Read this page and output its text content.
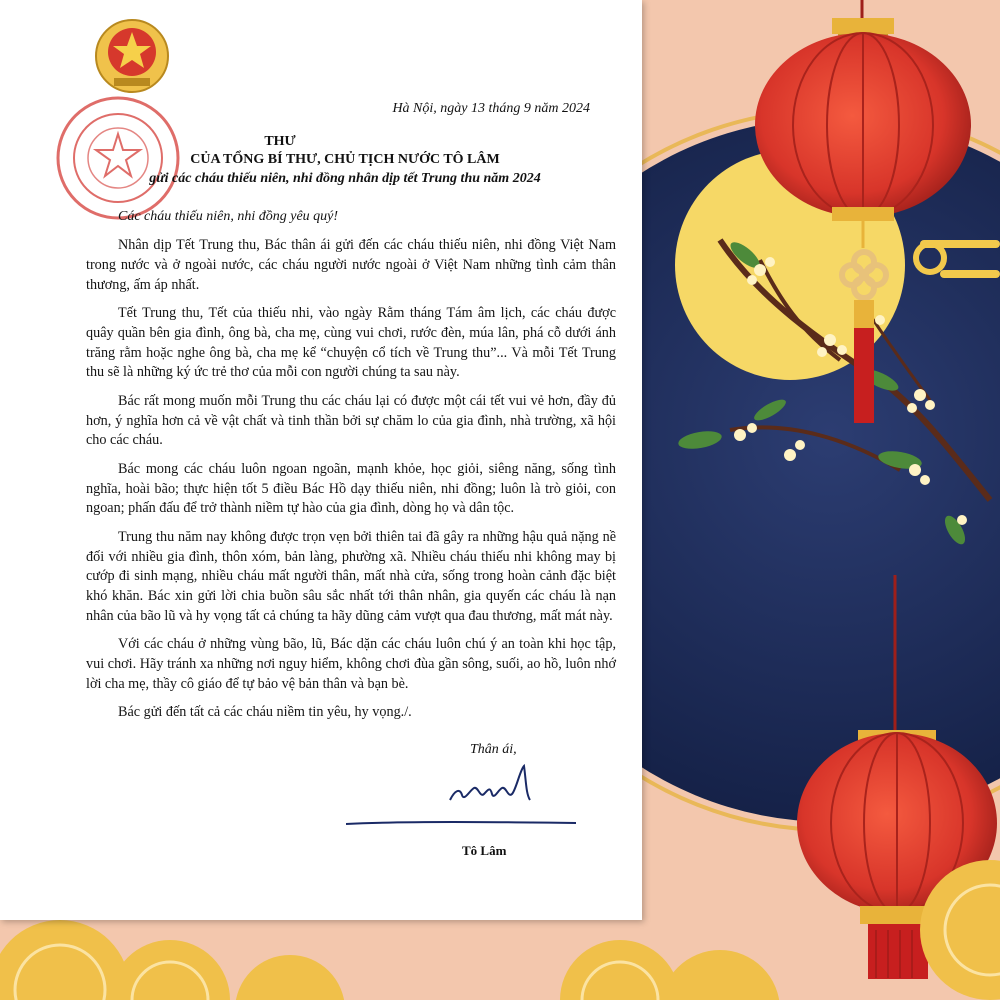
Hà Nội, ngày 13 tháng 9 năm 2024
THƯ
CỦA TỔNG BÍ THƯ, CHỦ TỊCH NƯỚC TÔ LÂM
gửi các cháu thiếu niên, nhi đồng nhân dịp tết Trung thu năm 2024
Các cháu thiếu niên, nhi đồng yêu quý!

Nhân dịp Tết Trung thu, Bác thân ái gửi đến các cháu thiếu niên, nhi đồng Việt Nam trong nước và ở ngoài nước, các cháu người nước ngoài ở Việt Nam những tình cảm thân thương, ấm áp nhất.

Tết Trung thu, Tết của thiếu nhi, vào ngày Rằm tháng Tám âm lịch, các cháu được quây quần bên gia đình, ông bà, cha mẹ, cùng vui chơi, rước đèn, múa lân, phá cỗ dưới ánh trăng rằm hoặc nghe ông bà, cha mẹ kể “chuyện cổ tích về Trung thu”... Và mỗi Tết Trung thu sẽ là những ký ức trẻ thơ của mỗi con người chúng ta sau này.

Bác rất mong muốn mỗi Trung thu các cháu lại có được một cái tết vui vẻ hơn, đầy đủ hơn, ý nghĩa hơn cả về vật chất và tinh thần bởi sự chăm lo của gia đình, nhà trường, xã hội cho các cháu.

Bác mong các cháu luôn ngoan ngoãn, mạnh khỏe, học giỏi, siêng năng, sống tình nghĩa, hoài bão; thực hiện tốt 5 điều Bác Hồ dạy thiếu niên, nhi đồng; luôn là trò giỏi, con ngoan; phấn đấu để trở thành niềm tự hào của gia đình, dòng họ và dân tộc.

Trung thu năm nay không được trọn vẹn bởi thiên tai đã gây ra những hậu quả nặng nề đối với nhiều gia đình, thôn xóm, bản làng, phường xã. Nhiều cháu thiếu nhi không may bị cướp đi sinh mạng, nhiều cháu mất người thân, mất nhà cửa, sống trong hoàn cảnh đặc biệt khó khăn. Bác xin gửi lời chia buồn sâu sắc nhất tới thân nhân, gia quyến các cháu là nạn nhân của bão lũ và hy vọng tất cả chúng ta hãy dũng cảm vượt qua đau thương, mất mát này.

Với các cháu ở những vùng bão, lũ, Bác dặn các cháu luôn chú ý an toàn khi học tập, vui chơi. Hãy tránh xa những nơi nguy hiểm, không chơi đùa gần sông, suối, ao hồ, luôn nhớ lời cha mẹ, thầy cô giáo để tự bảo vệ bản thân và bạn bè.

Bác gửi đến tất cả các cháu niềm tin yêu, hy vọng./.

Thân ái,
Tô Lâm
